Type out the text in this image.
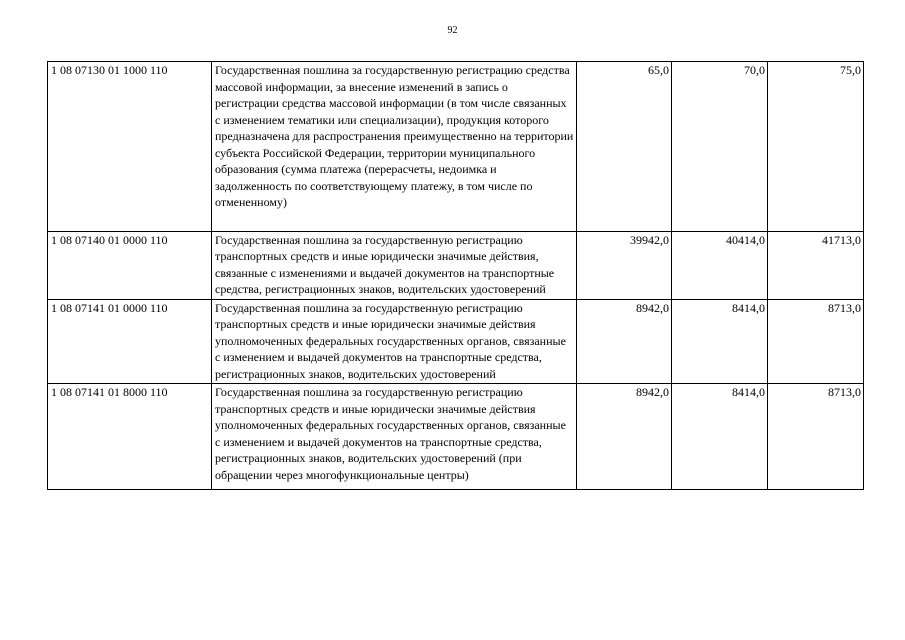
92
1 08 07130 01 1000 110	Государственная пошлина за государственную регистрацию средства массовой информации, за внесение изменений в запись о регистрации средства массовой информации (в том числе связанных с изменением тематики или специализации), продукция которого предназначена для распространения преимущественно на территории субъекта Российской Федерации, территории муниципального образования (сумма платежа (перерасчеты, недоимка и задолженность по соответствующему платежу, в том числе по отмененному)	65,0	70,0	75,0
1 08 07140 01 0000 110	Государственная пошлина за государственную регистрацию транспортных средств и иные юридически значимые действия, связанные с изменениями и выдачей документов на транспортные средства, регистрационных знаков, водительских удостоверений	39942,0	40414,0	41713,0
1 08 07141 01 0000 110	Государственная пошлина за государственную регистрацию транспортных средств и иные юридически значимые действия уполномоченных федеральных государственных органов, связанные с изменением и выдачей документов на транспортные средства, регистрационных знаков, водительских удостоверений	8942,0	8414,0	8713,0
1 08 07141 01 8000 110	Государственная пошлина за государственную регистрацию транспортных средств и иные юридически значимые действия уполномоченных федеральных государственных органов, связанные с изменением и выдачей документов на транспортные средства, регистрационных знаков, водительских удостоверений (при обращении через многофункциональные центры)	8942,0	8414,0	8713,0
